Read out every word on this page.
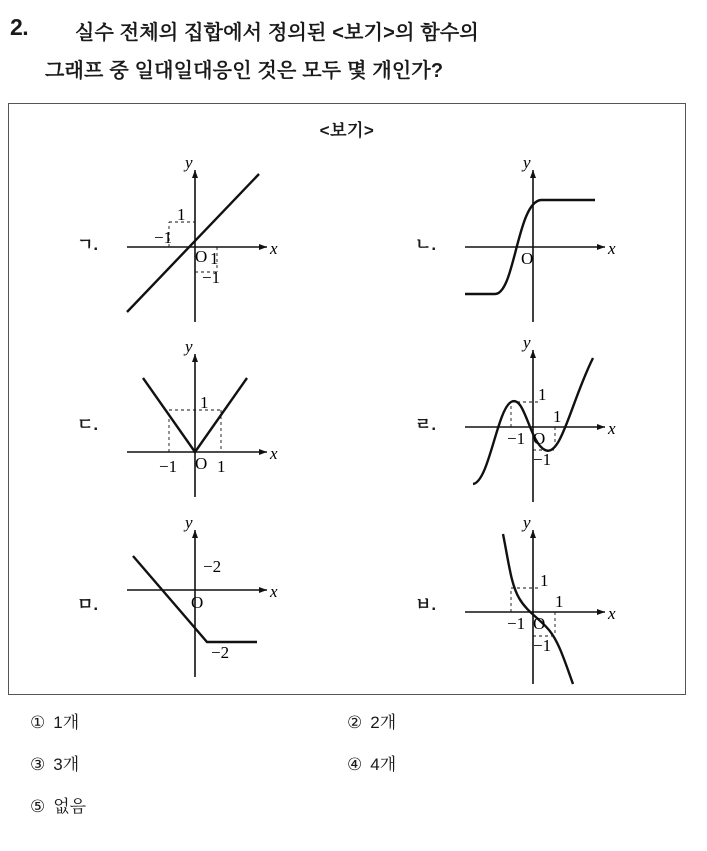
2. 실수 전체의 집합에서 정의된 <보기>의 함수의
그래프 중 일대일대응인 것은 모두 몇 개인가?
<보기>
ㄱ.	x
y
O
−1
1
1
−1
ㄴ.	x
y
O
ㄷ.
x
y
O
1
−1 1
ㄹ.	x
y
O
1
−1
1
−1
ㅁ.
x
y
O
−2
−2
ㅂ.	x
y
O
1
−1
1
−1
① 1개	② 2개
③ 3개	④ 4개
⑤ 없음
